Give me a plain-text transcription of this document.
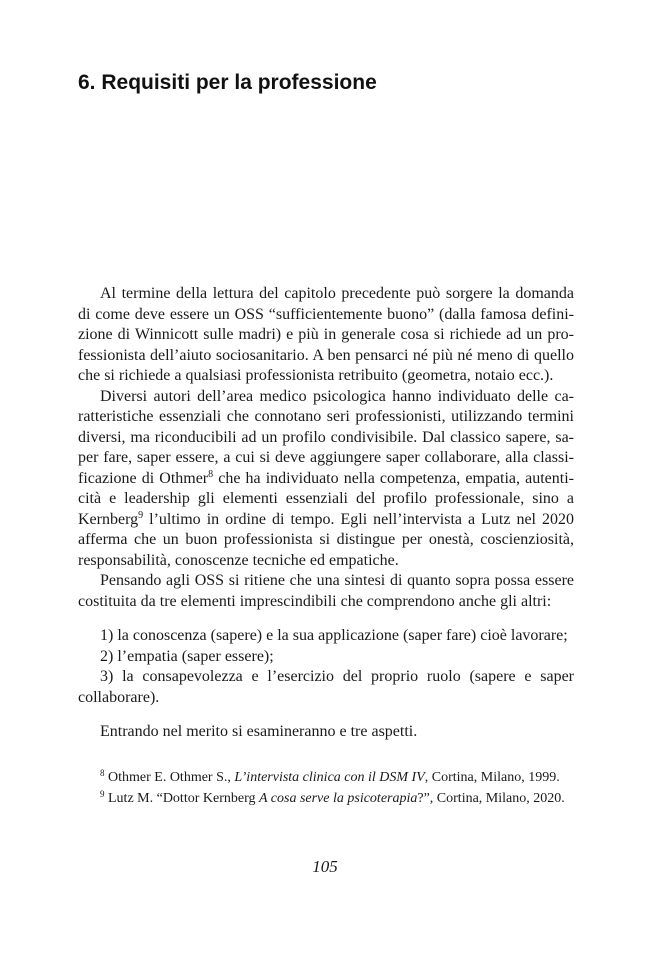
6. Requisiti per la professione

Al termine della lettura del capitolo precedente può sorgere la domanda di come deve essere un OSS “sufficientemente buono” (dalla famosa definizione di Winnicott sulle madri) e più in generale cosa si richiede ad un professionista dell’aiuto sociosanitario. A ben pensarci né più né meno di quello che si richiede a qualsiasi professionista retribuito (geometra, notaio ecc.).

Diversi autori dell’area medico psicologica hanno individuato delle caratteristiche essenziali che connotano seri professionisti, utilizzando termini diversi, ma riconducibili ad un profilo condivisibile. Dal classico sapere, saper fare, saper essere, a cui si deve aggiungere saper collaborare, alla classificazione di Othmer$^8$ che ha individuato nella competenza, empatia, autenticità e leadership gli elementi essenziali del profilo professionale, sino a Kernberg$^9$ l’ultimo in ordine di tempo. Egli nell’intervista a Lutz nel 2020 afferma che un buon professionista si distingue per onestà, coscienziosità, responsabilità, conoscenze tecniche ed empatiche.

Pensando agli OSS si ritiene che una sintesi di quanto sopra possa essere costituita da tre elementi imprescindibili che comprendono anche gli altri:

1) la conoscenza (sapere) e la sua applicazione (saper fare) cioè lavorare;

2) l’empatia (saper essere);

3) la consapevolezza e l’esercizio del proprio ruolo (sapere e saper collaborare).

Entrando nel merito si esamineranno e tre aspetti.

$^8$ Othmer E. Othmer S., L’intervista clinica con il DSM IV, Cortina, Milano, 1999.

$^9$ Lutz M. “Dottor Kernberg A cosa serve la psicoterapia?”, Cortina, Milano, 2020.

105
